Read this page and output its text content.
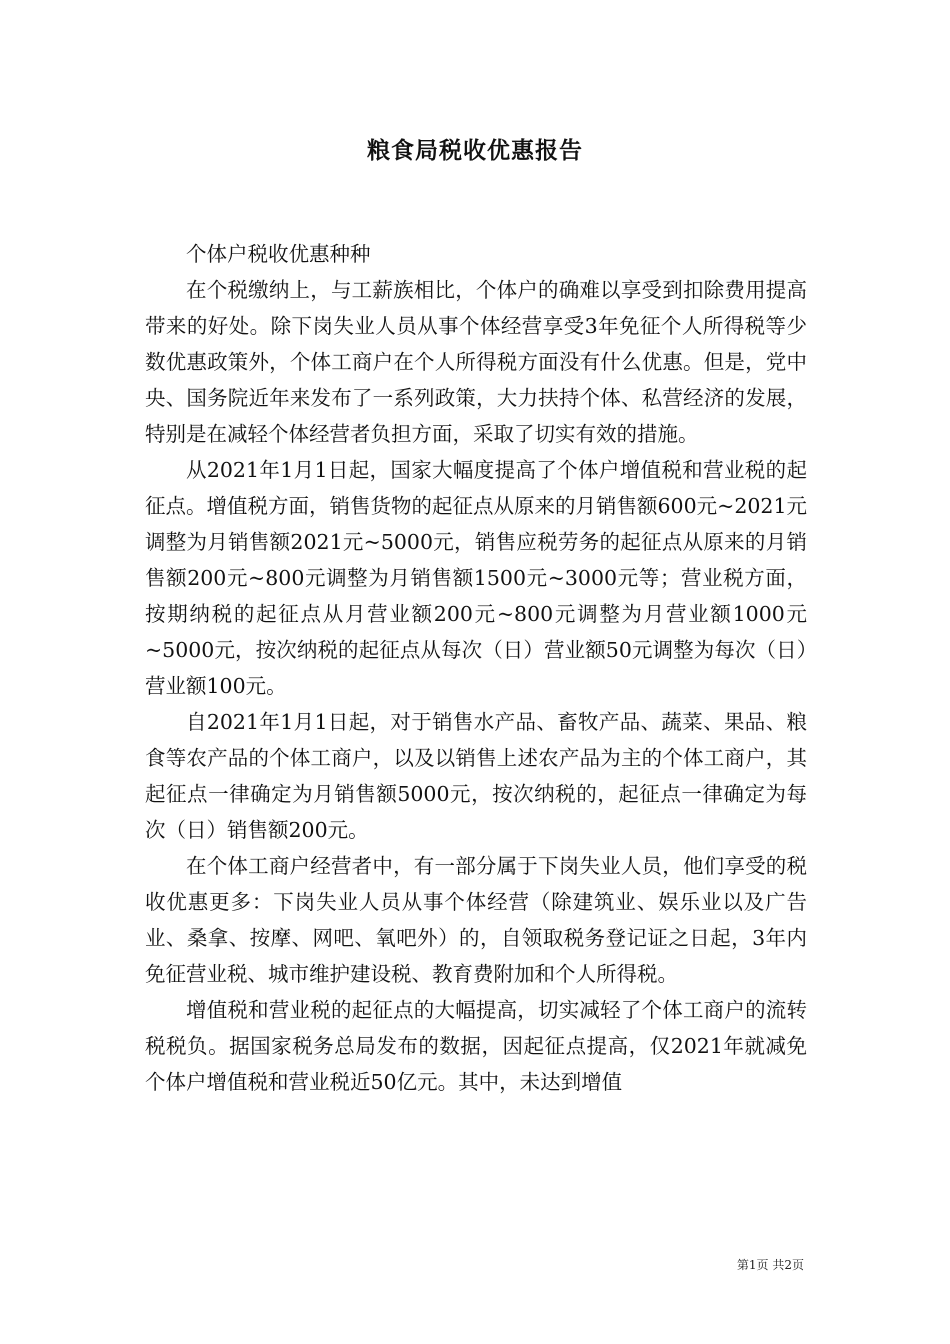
粮食局税收优惠报告

个体户税收优惠种种

在个税缴纳上，与工薪族相比，个体户的确难以享受到扣除费用提高带来的好处。除下岗失业人员从事个体经营享受3年免征个人所得税等少数优惠政策外，个体工商户在个人所得税方面没有什么优惠。但是，党中央、国务院近年来发布了一系列政策，大力扶持个体、私营经济的发展，特别是在减轻个体经营者负担方面，采取了切实有效的措施。

从2021年1月1日起，国家大幅度提高了个体户增值税和营业税的起征点。增值税方面，销售货物的起征点从原来的月销售额600元~2021元调整为月销售额2021元~5000元，销售应税劳务的起征点从原来的月销售额200元~800元调整为月销售额1500元~3000元等；营业税方面，按期纳税的起征点从月营业额200元~800元调整为月营业额1000元~5000元，按次纳税的起征点从每次（日）营业额50元调整为每次（日）营业额100元。

自2021年1月1日起，对于销售水产品、畜牧产品、蔬菜、果品、粮食等农产品的个体工商户，以及以销售上述农产品为主的个体工商户，其起征点一律确定为月销售额5000元，按次纳税的，起征点一律确定为每次（日）销售额200元。

在个体工商户经营者中，有一部分属于下岗失业人员，他们享受的税收优惠更多：下岗失业人员从事个体经营（除建筑业、娱乐业以及广告业、桑拿、按摩、网吧、氧吧外）的，自领取税务登记证之日起，3年内免征营业税、城市维护建设税、教育费附加和个人所得税。

增值税和营业税的起征点的大幅提高，切实减轻了个体工商户的流转税税负。据国家税务总局发布的数据，因起征点提高，仅2021年就减免个体户增值税和营业税近50亿元。其中，未达到增值

第1页 共2页
